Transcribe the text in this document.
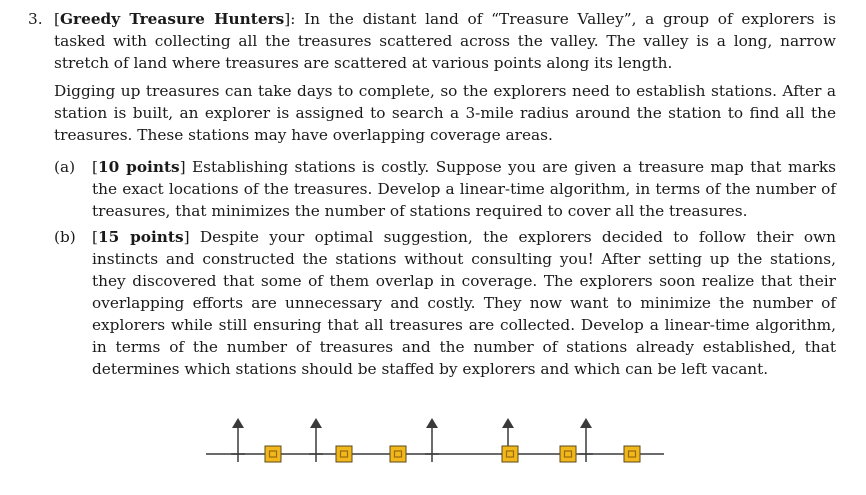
3. [Greedy Treasure Hunters]: In the distant land of “Treasure Valley”, a group of explorers is tasked with collecting all the treasures scattered across the valley. The valley is a long, narrow stretch of land where treasures are scattered at various points along its length.

Digging up treasures can take days to complete, so the explorers need to establish stations. After a station is built, an explorer is assigned to search a 3-mile radius around the station to find all the treasures. These stations may have overlapping coverage areas.

(a)	[10 points] Establishing stations is costly. Suppose you are given a treasure map that marks the exact locations of the treasures. Develop a linear-time algorithm, in terms of the number of treasures, that minimizes the number of stations required to cover all the treasures.
(b)	[15 points] Despite your optimal suggestion, the explorers decided to follow their own instincts and constructed the stations without consulting you! After setting up the stations, they discovered that some of them overlap in coverage. The explorers soon realize that their overlapping efforts are unnecessary and costly. They now want to minimize the number of explorers while still ensuring that all treasures are collected. Develop a linear-time algorithm, in terms of the number of treasures and the number of stations already established, that determines which stations should be staffed by explorers and which can be left vacant.
